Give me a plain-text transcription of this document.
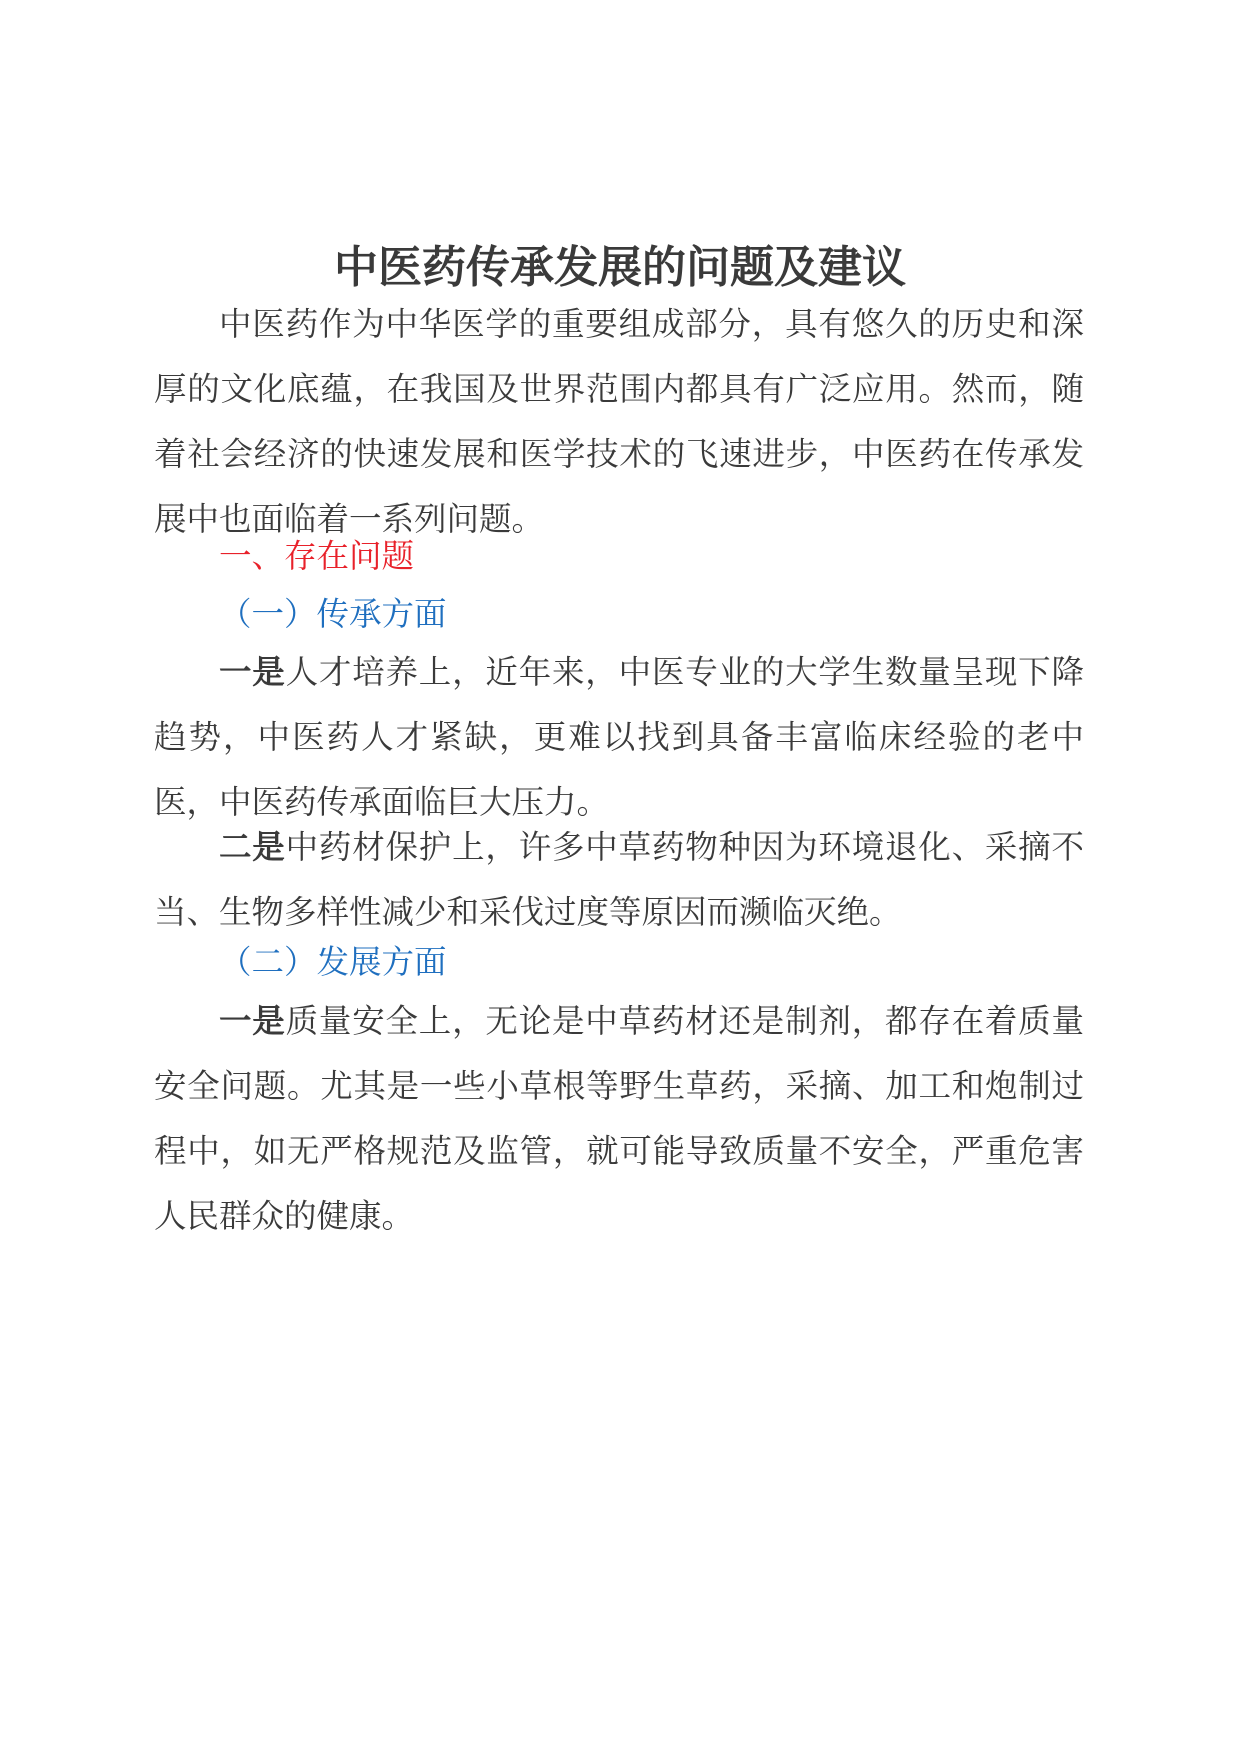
中医药传承发展的问题及建议
中医药作为中华医学的重要组成部分，具有悠久的历史和深厚的文化底蕴，在我国及世界范围内都具有广泛应用。然而，随着社会经济的快速发展和医学技术的飞速进步，中医药在传承发展中也面临着一系列问题。
一、存在问题
（一）传承方面
一是人才培养上，近年来，中医专业的大学生数量呈现下降趋势，中医药人才紧缺，更难以找到具备丰富临床经验的老中医，中医药传承面临巨大压力。
二是中药材保护上，许多中草药物种因为环境退化、采摘不当、生物多样性减少和采伐过度等原因而濒临灭绝。
（二）发展方面
一是质量安全上，无论是中草药材还是制剂，都存在着质量安全问题。尤其是一些小草根等野生草药，采摘、加工和炮制过程中，如无严格规范及监管，就可能导致质量不安全，严重危害人民群众的健康。
